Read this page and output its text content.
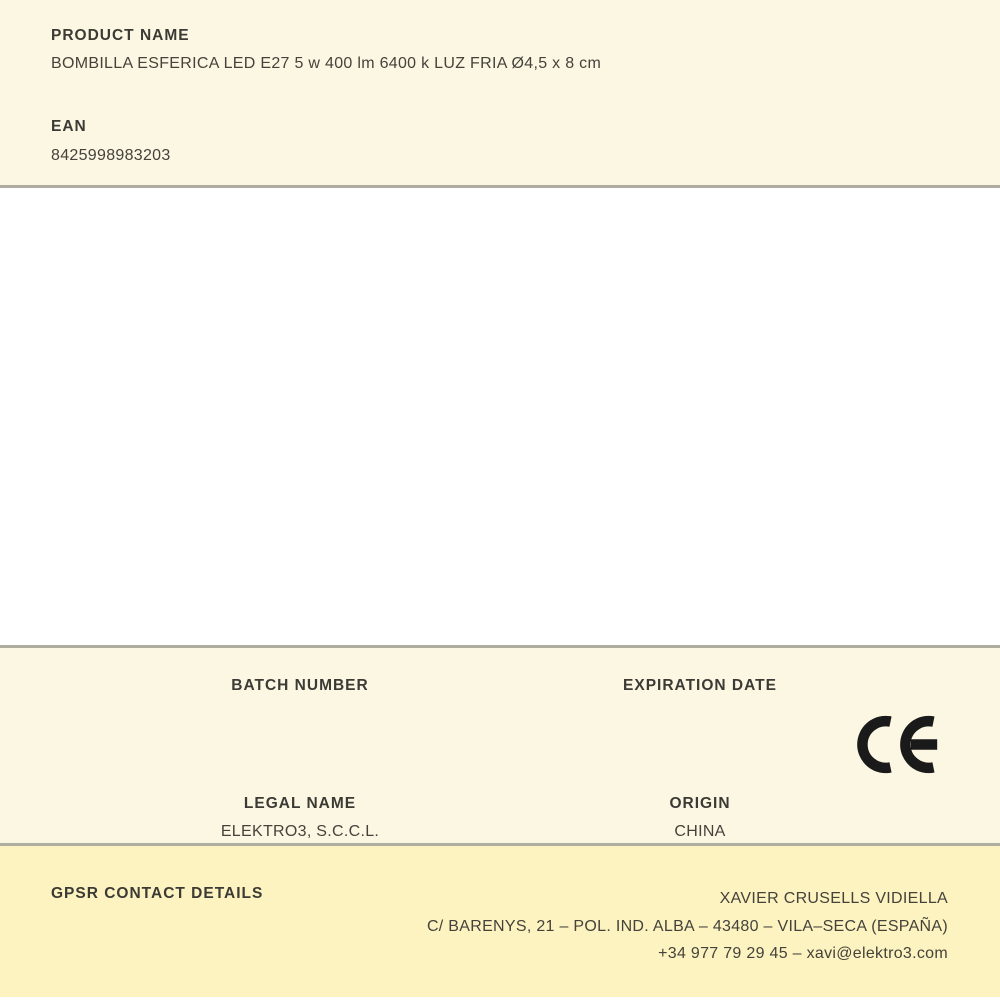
PRODUCT NAME
BOMBILLA ESFERICA LED E27 5 w 400 lm 6400 k LUZ FRIA Ø4,5 x 8 cm
EAN
8425998983203
BATCH NUMBER	EXPIRATION DATE
LEGAL NAME
ELEKTRO3, S.C.C.L.
ORIGIN
CHINA
GPSR CONTACT DETAILS	XAVIER CRUSELLS VIDIELLA
C/ BARENYS, 21 – POL. IND. ALBA – 43480 – VILA–SECA (ESPAÑA)
+34 977 79 29 45 – xavi@elektro3.com
